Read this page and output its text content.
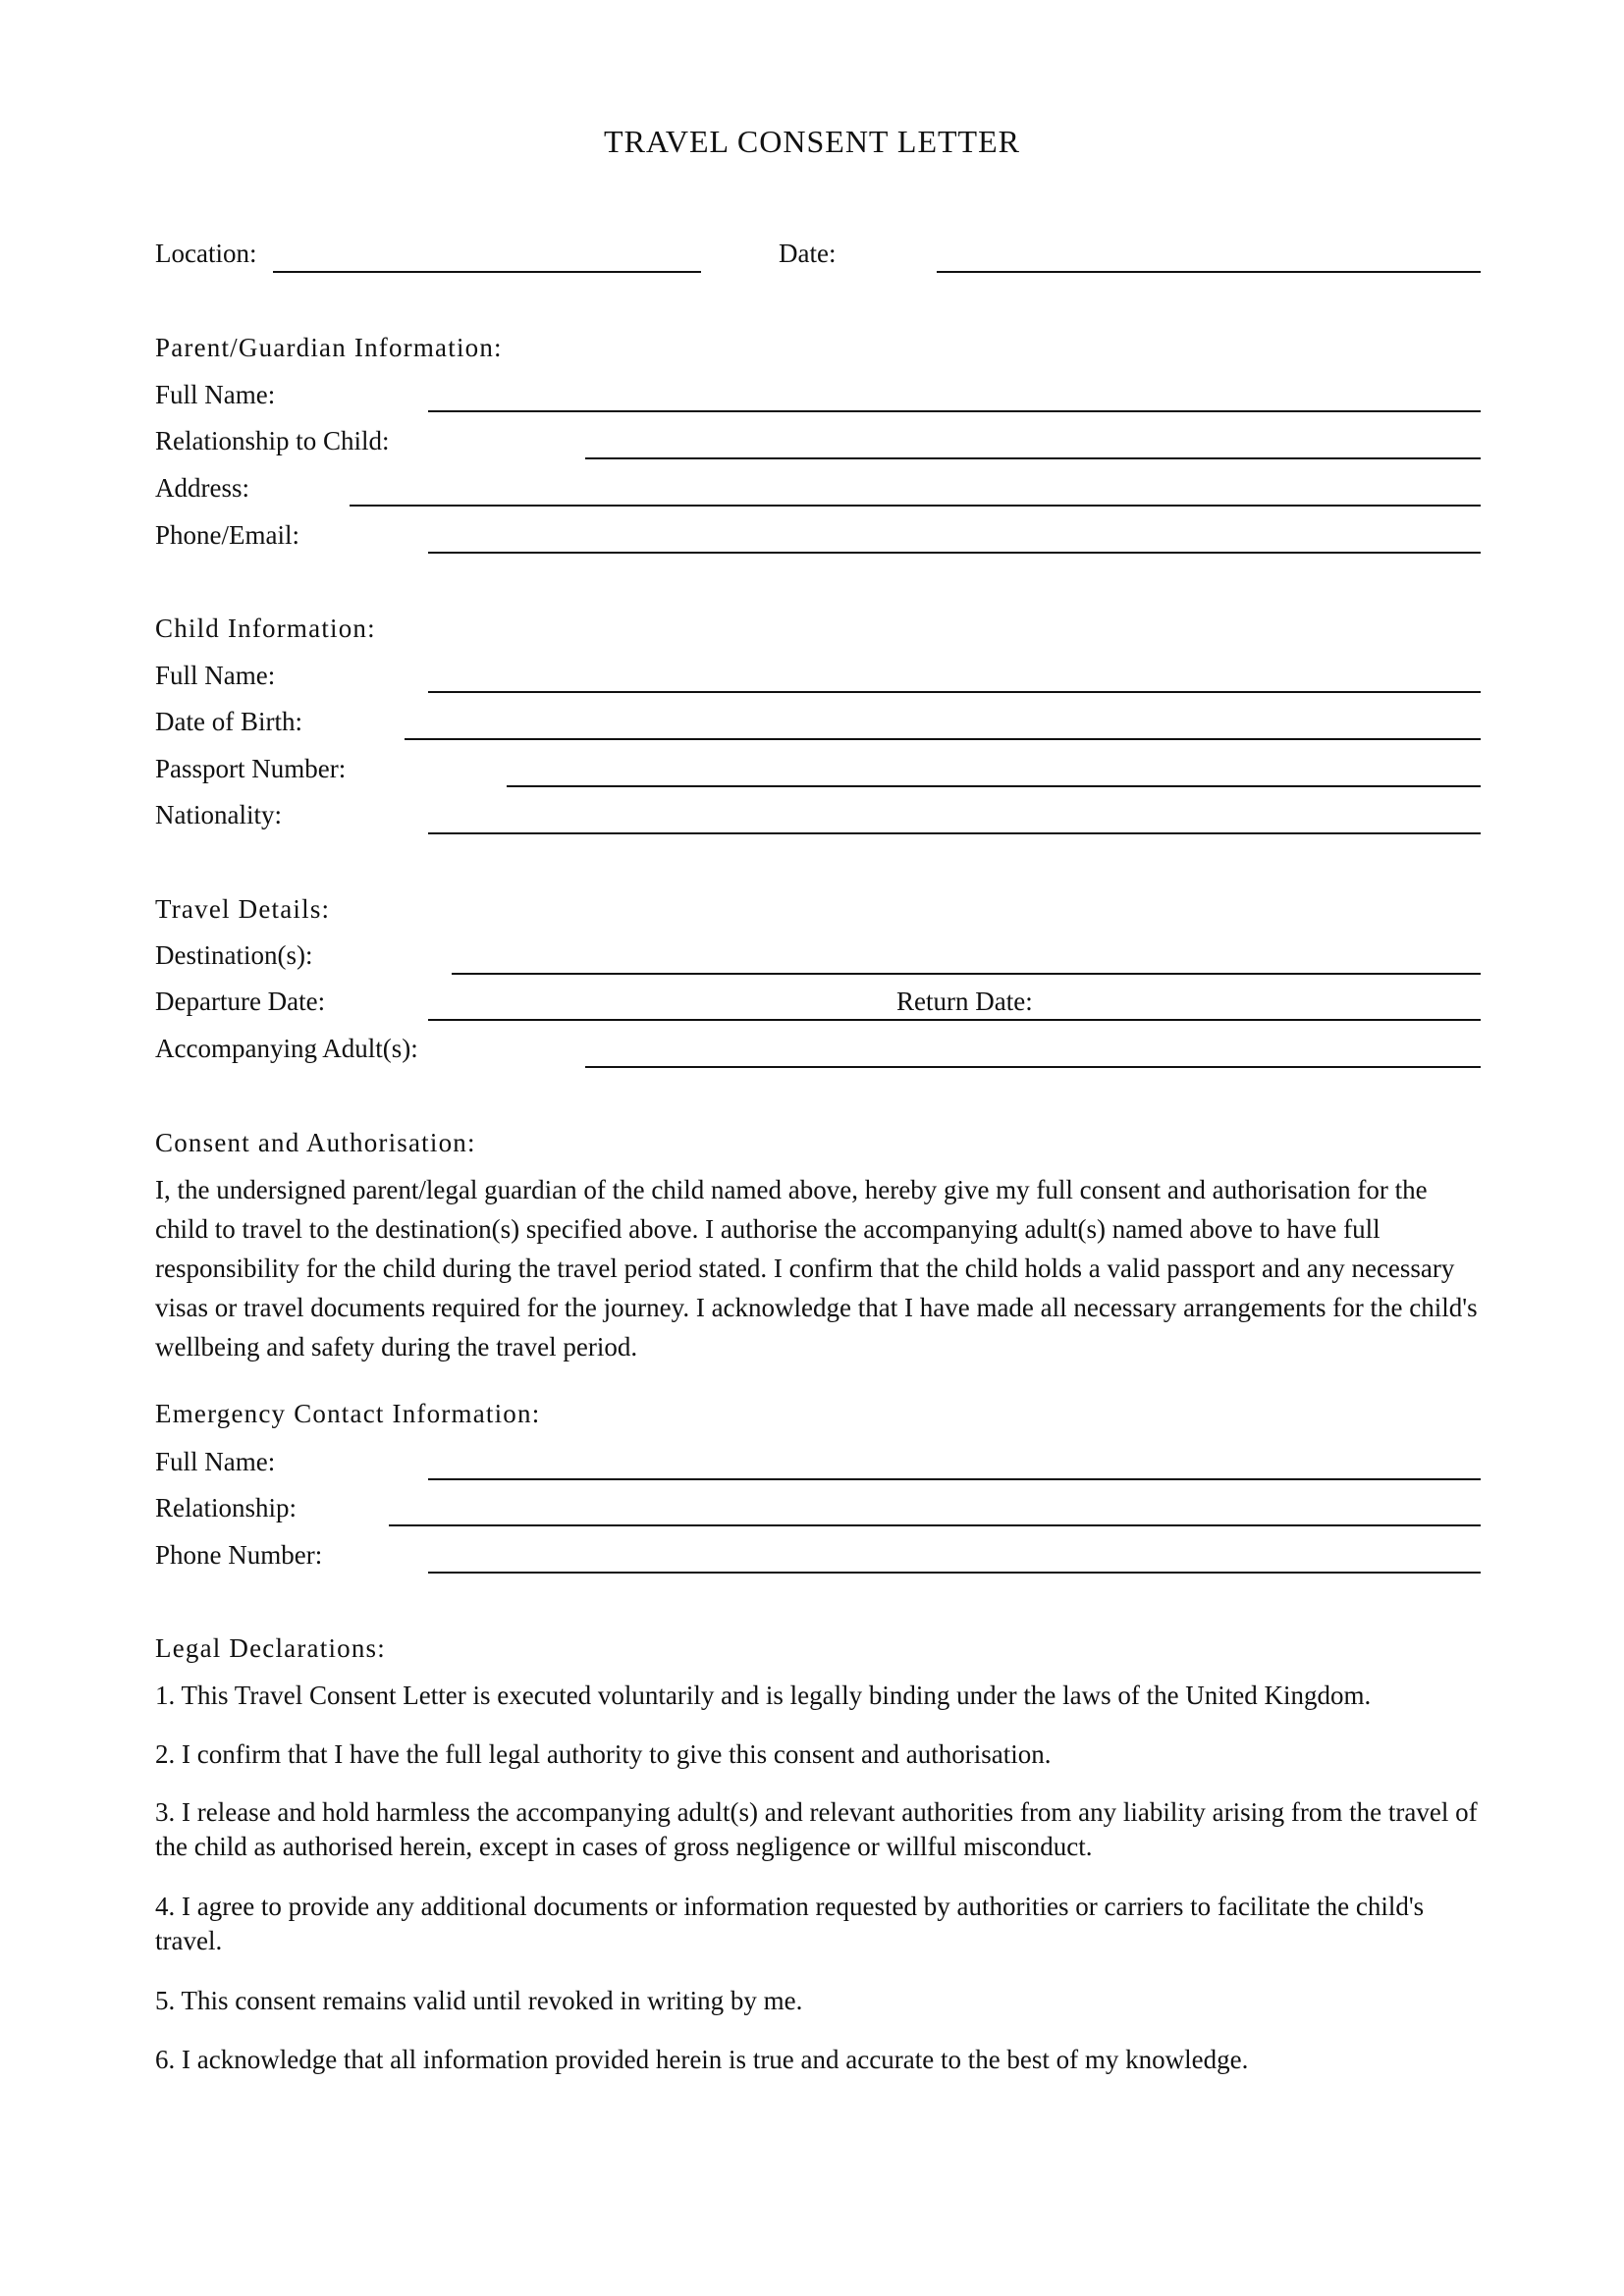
TRAVEL CONSENT LETTER
Location:	Date:
Parent/Guardian Information:
Full Name:
Relationship to Child:
Address:
Phone/Email:
Child Information:
Full Name:
Date of Birth:
Passport Number:
Nationality:
Travel Details:
Destination(s):
Departure Date:	Return Date:
Accompanying Adult(s):
Consent and Authorisation:
I, the undersigned parent/legal guardian of the child named above, hereby give my full consent and authorisation for the child to travel to the destination(s) specified above. I authorise the accompanying adult(s) named above to have full responsibility for the child during the travel period stated. I confirm that the child holds a valid passport and any necessary visas or travel documents required for the journey. I acknowledge that I have made all necessary arrangements for the child's wellbeing and safety during the travel period.
Emergency Contact Information:
Full Name:
Relationship:
Phone Number:
Legal Declarations:
1. This Travel Consent Letter is executed voluntarily and is legally binding under the laws of the United Kingdom.
2. I confirm that I have the full legal authority to give this consent and authorisation.
3. I release and hold harmless the accompanying adult(s) and relevant authorities from any liability arising from the travel of the child as authorised herein, except in cases of gross negligence or willful misconduct.
4. I agree to provide any additional documents or information requested by authorities or carriers to facilitate the child's travel.
5. This consent remains valid until revoked in writing by me.
6. I acknowledge that all information provided herein is true and accurate to the best of my knowledge.
